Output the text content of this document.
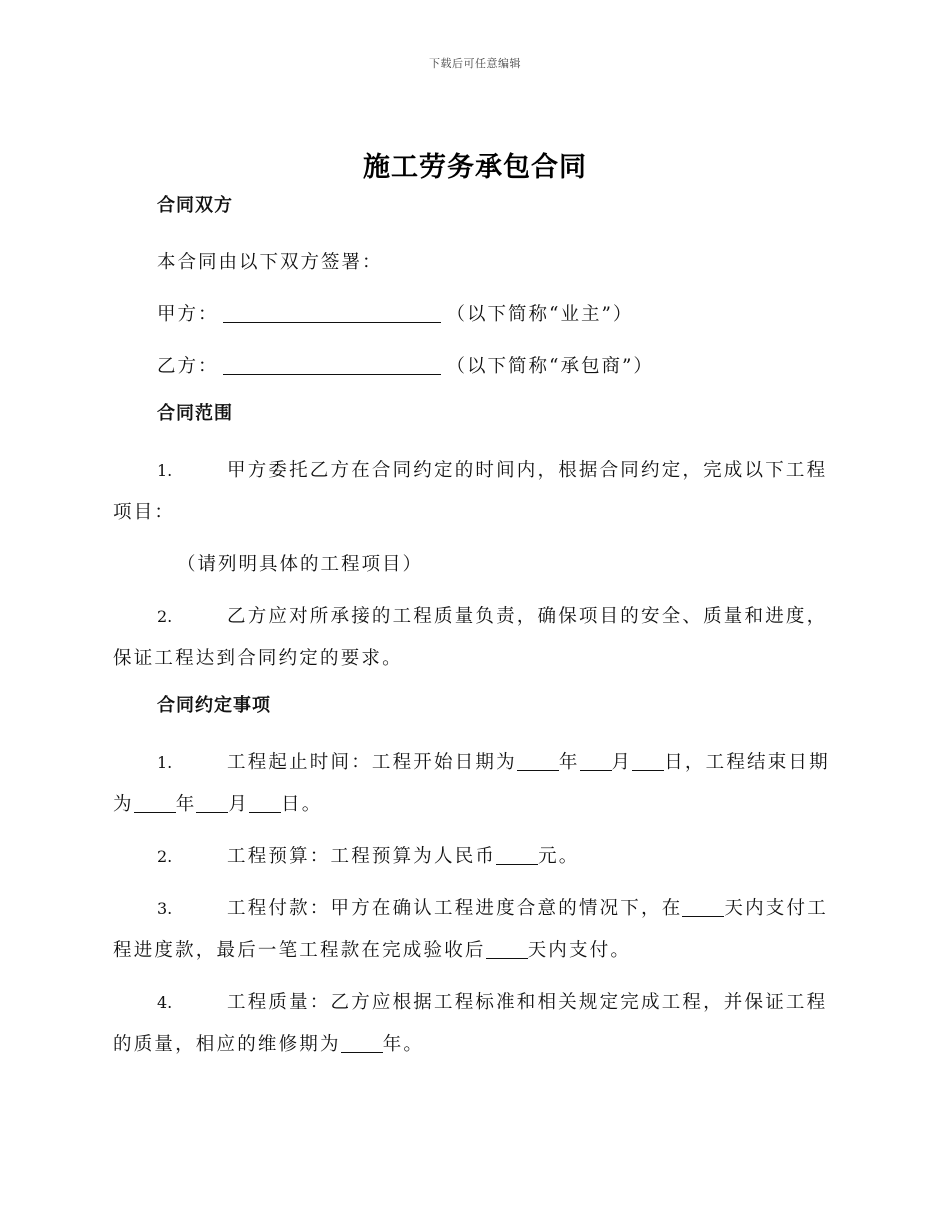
下载后可任意编辑
施工劳务承包合同
合同双方
本合同由以下双方签署：
甲方：	（以下简称“业主”）
乙方：	（以下简称“承包商”）
合同范围
1.	甲方委托乙方在合同约定的时间内，根据合同约定，完成以下工程项目：
（请列明具体的工程项目）
2.	乙方应对所承接的工程质量负责，确保项目的安全、质量和进度，保证工程达到合同约定的要求。
合同约定事项
1.	工程起止时间：工程开始日期为 年 月 日，工程结束日期为 年 月 日。
2.	工程预算：工程预算为人民币 元。
3.	工程付款：甲方在确认工程进度合意的情况下，在 天内支付工程进度款，最后一笔工程款在完成验收后 天内支付。
4.	工程质量：乙方应根据工程标准和相关规定完成工程，并保证工程的质量，相应的维修期为 年。
